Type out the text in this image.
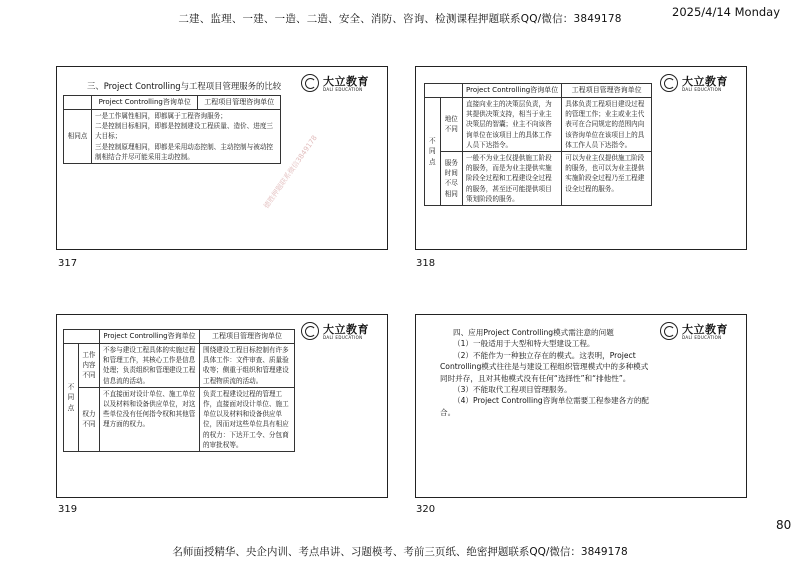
二建、监理、一建、一造、二造、安全、消防、咨询、检测课程押题联系QQ/微信：3849178	2025/4/14 Monday
三、Project Controlling与工程项目管理服务的比较	大立教育
DALI EDUCATION
	Project Controlling咨询单位	工程项目管理咨询单位
相同点	一是工作属性相同，即都属于工程咨询服务；
二是控制目标相同，即都是控制建设工程质量、造价、进度三大目标；
三是控制原理相同，即都是采用动态控制、主动控制与被动控制相结合并尽可能采用主动控制。		德胜押题联系微信3849178
317
大立教育
DALI EDUCATION
		Project Controlling咨询单位	工程项目管理咨询单位
不同点	地位不同	直接向业主的决策层负责，为其提供决策支持，相当于业主决策层的智囊；业主不向该咨询单位在该项目上的具体工作人员下达指令。	具体负责工程项目建设过程的管理工作；业主或业主代表可在合同规定的范围内向该咨询单位在该项目上的具体工作人员下达指令。
	服务时间不尽相同	一般不为业主仅提供施工阶段的服务，而是为业主提供实施阶段全过程和工程建设全过程的服务，甚至还可能提供项目策划阶段的服务。	可以为业主仅提供施工阶段的服务，也可以为业主提供实施阶段全过程乃至工程建设全过程的服务。
318
大立教育
DALI EDUCATION
		Project Controlling咨询单位	工程项目管理咨询单位
不同点	工作内容不同	不参与建设工程具体的实施过程和管理工作，其核心工作是信息处理；负责组织和管理建设工程信息流的活动。	围绕建设工程目标控制有许多具体工作：文件审查、质量验收等；侧重于组织和管理建设工程物质流的活动。
	权力不同	不直接面对设计单位、施工单位以及材料和设备供应单位，对这些单位没有任何指令权和其他管理方面的权力。	负责工程建设过程的管理工作，直接面对设计单位、施工单位以及材料和设备供应单位，因而对这些单位具有相应的权力：下达开工令、分包商的审批权等。
319
大立教育
DALI EDUCATION

四、应用Project Controlling模式需注意的问题

（1）一般适用于大型和特大型建设工程。

（2）不能作为一种独立存在的模式。这表明，Project Controlling模式往往是与建设工程组织管理模式中的多种模式同时并存，且对其他模式没有任何“选择性”和“排他性”。

（3）不能取代工程项目管理服务。

（4）Project Controlling咨询单位需要工程参建各方的配合。

320
80
名师面授精华、央企内训、考点串讲、习题模考、考前三页纸、绝密押题联系QQ/微信：3849178
